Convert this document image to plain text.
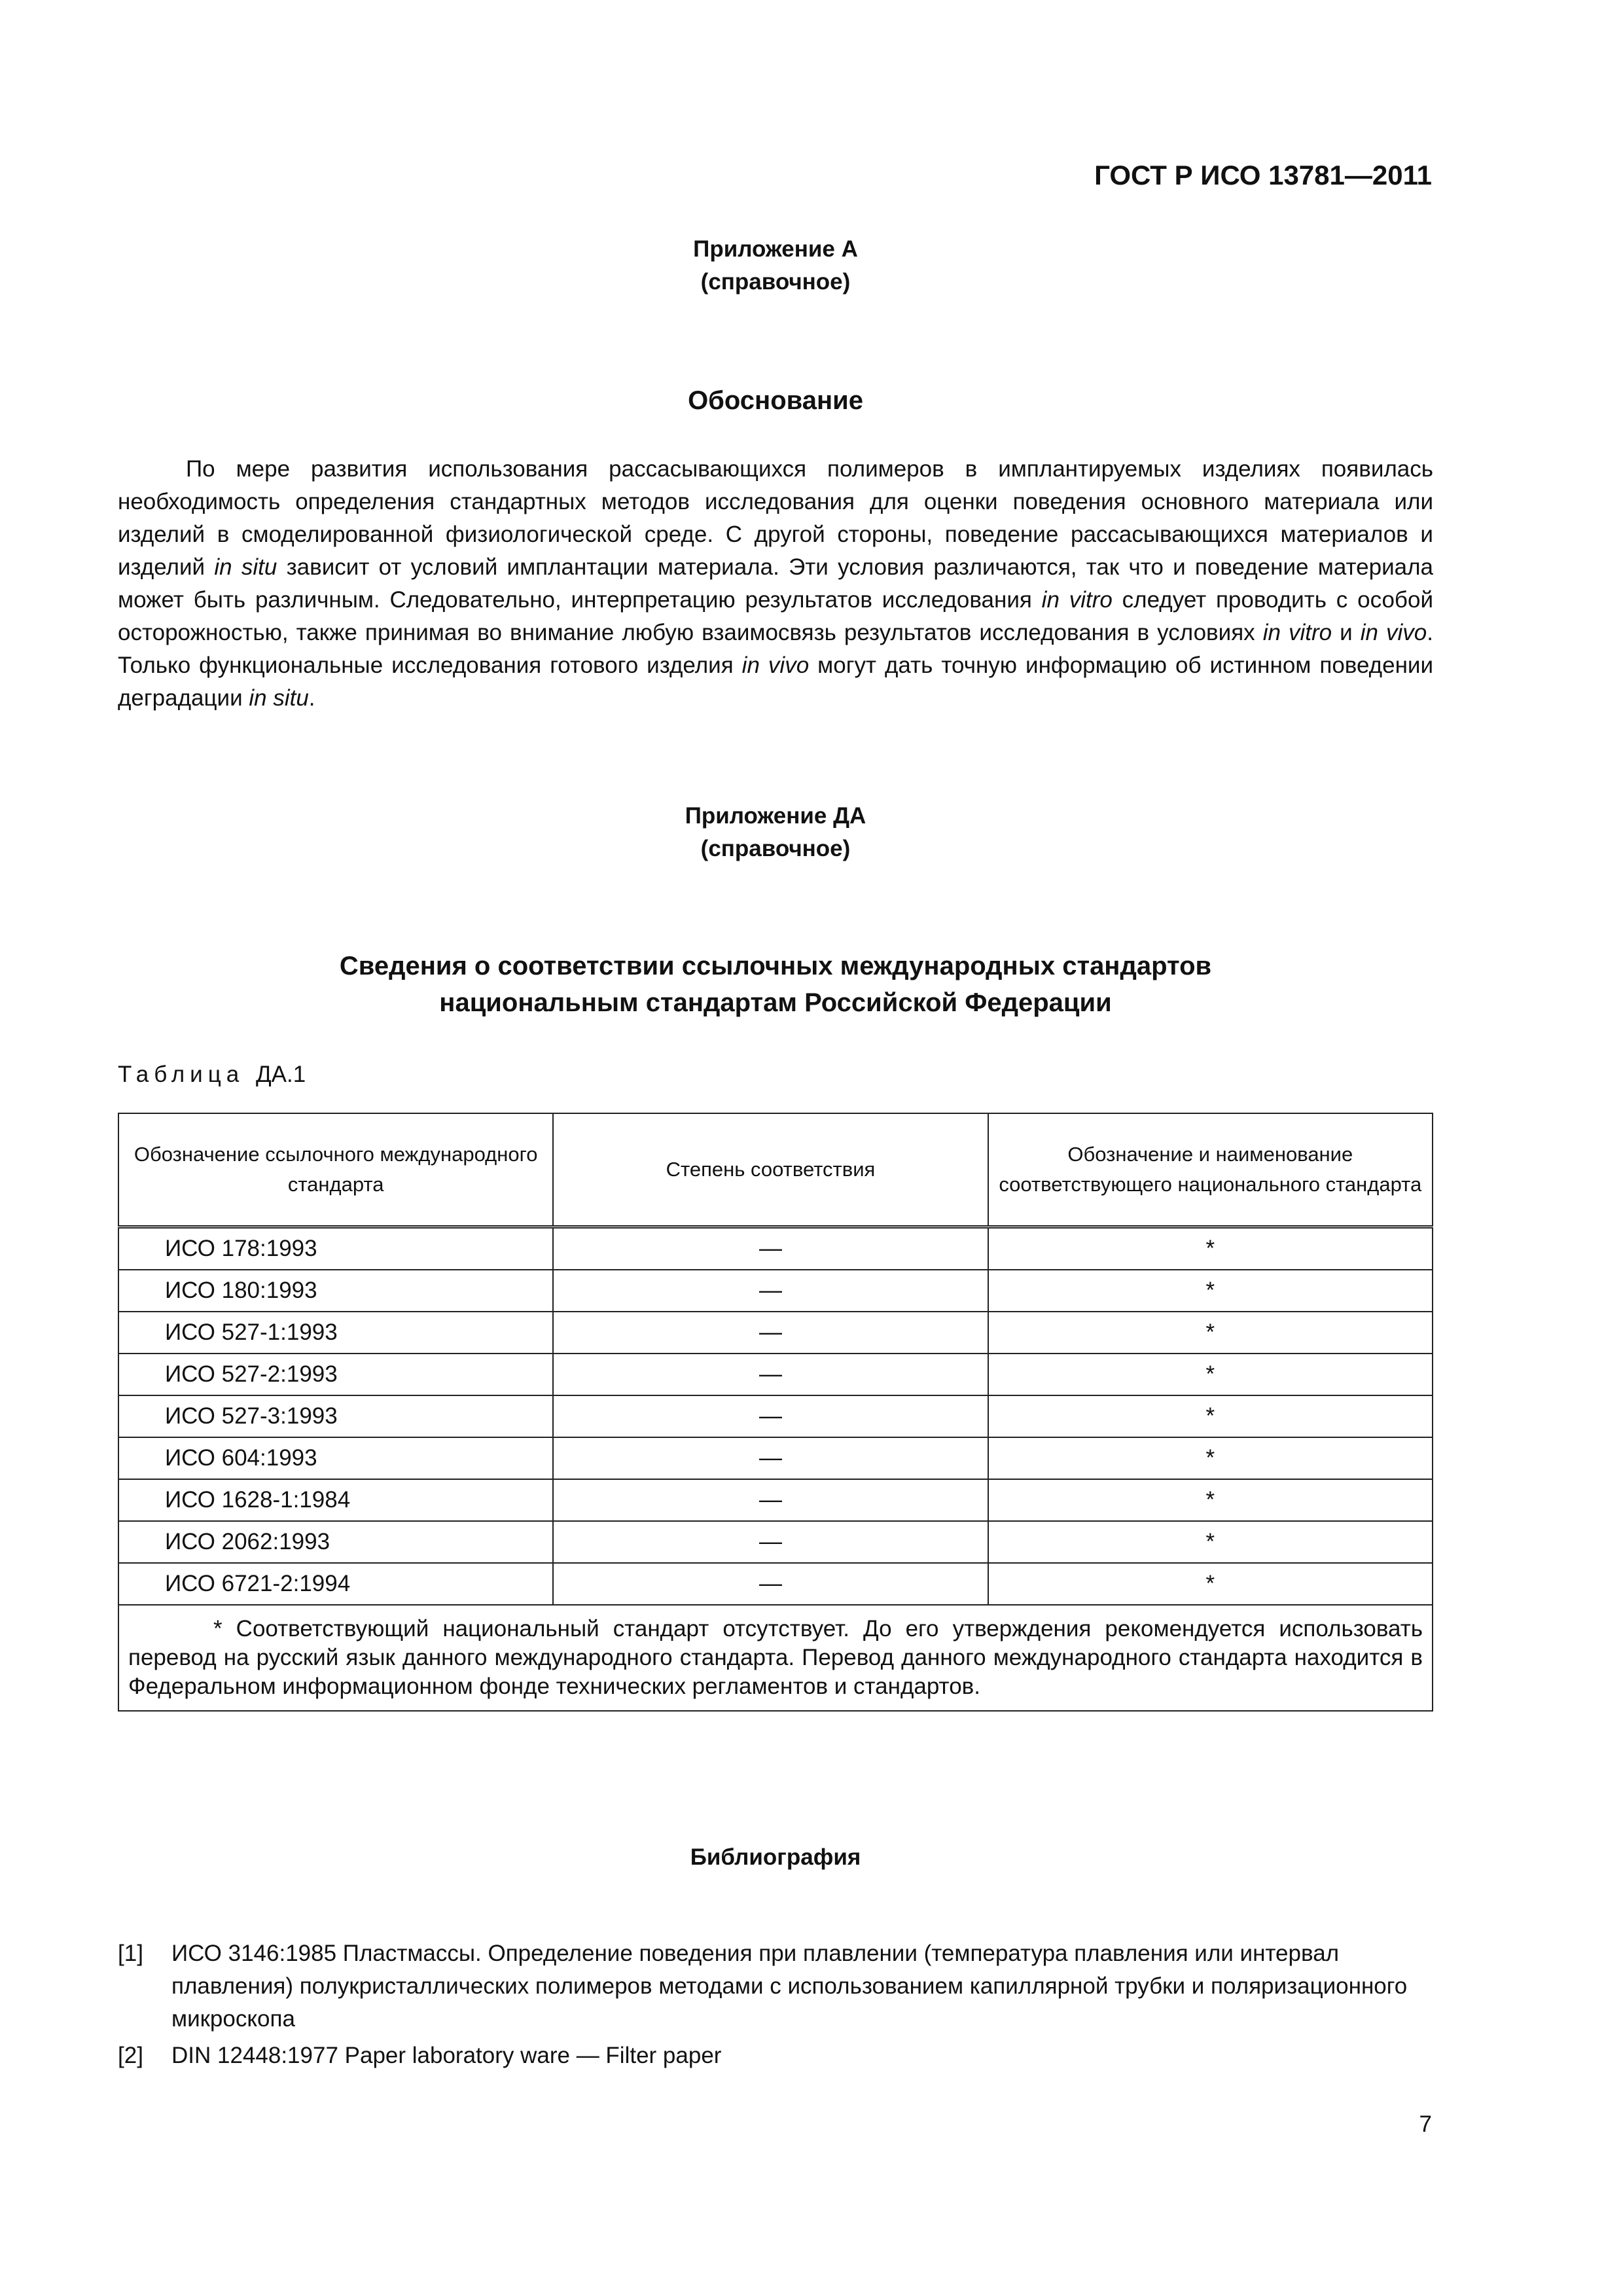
ГОСТ Р ИСО 13781—2011
Приложение А
(справочное)
Обоснование

По мере развития использования рассасывающихся полимеров в имплантируемых изделиях появилась необходимость определения стандартных методов исследования для оценки поведения основного материала или изделий в смоделированной физиологической среде. С другой стороны, поведение рассасывающихся материалов и изделий in situ зависит от условий имплантации материала. Эти условия различаются, так что и поведение материала может быть различным. Следовательно, интерпретацию результатов исследования in vitro следует проводить с особой осторожностью, также принимая во внимание любую взаимосвязь результатов исследования в условиях in vitro и in vivo. Только функциональные исследования готового изделия in vivo могут дать точную информацию об истинном поведении деградации in situ.

Приложение ДА
(справочное)
Сведения о соответствии ссылочных международных стандартов
национальным стандартам Российской Федерации
Таблица ДА.1
Обозначение ссылочного международного стандарта	Степень соответствия	Обозначение и наименование соответствующего национального стандарта
ИСО 178:1993	—	*
ИСО 180:1993	—	*
ИСО 527-1:1993	—	*
ИСО 527-2:1993	—	*
ИСО 527-3:1993	—	*
ИСО 604:1993	—	*
ИСО 1628-1:1984	—	*
ИСО 2062:1993	—	*
ИСО 6721-2:1994	—	*

* Соответствующий национальный стандарт отсутствует. До его утверждения рекомендуется использовать перевод на русский язык данного международного стандарта. Перевод данного международного стандарта находится в Федеральном информационном фонде технических регламентов и стандартов.		
Библиография
[1] ИСО 3146:1985 Пластмассы. Определение поведения при плавлении (температура плавления или интервал плавления) полукристаллических полимеров методами с использованием капиллярной трубки и поляризационного микроскопа
[2] DIN 12448:1977 Paper laboratory ware — Filter paper
7
